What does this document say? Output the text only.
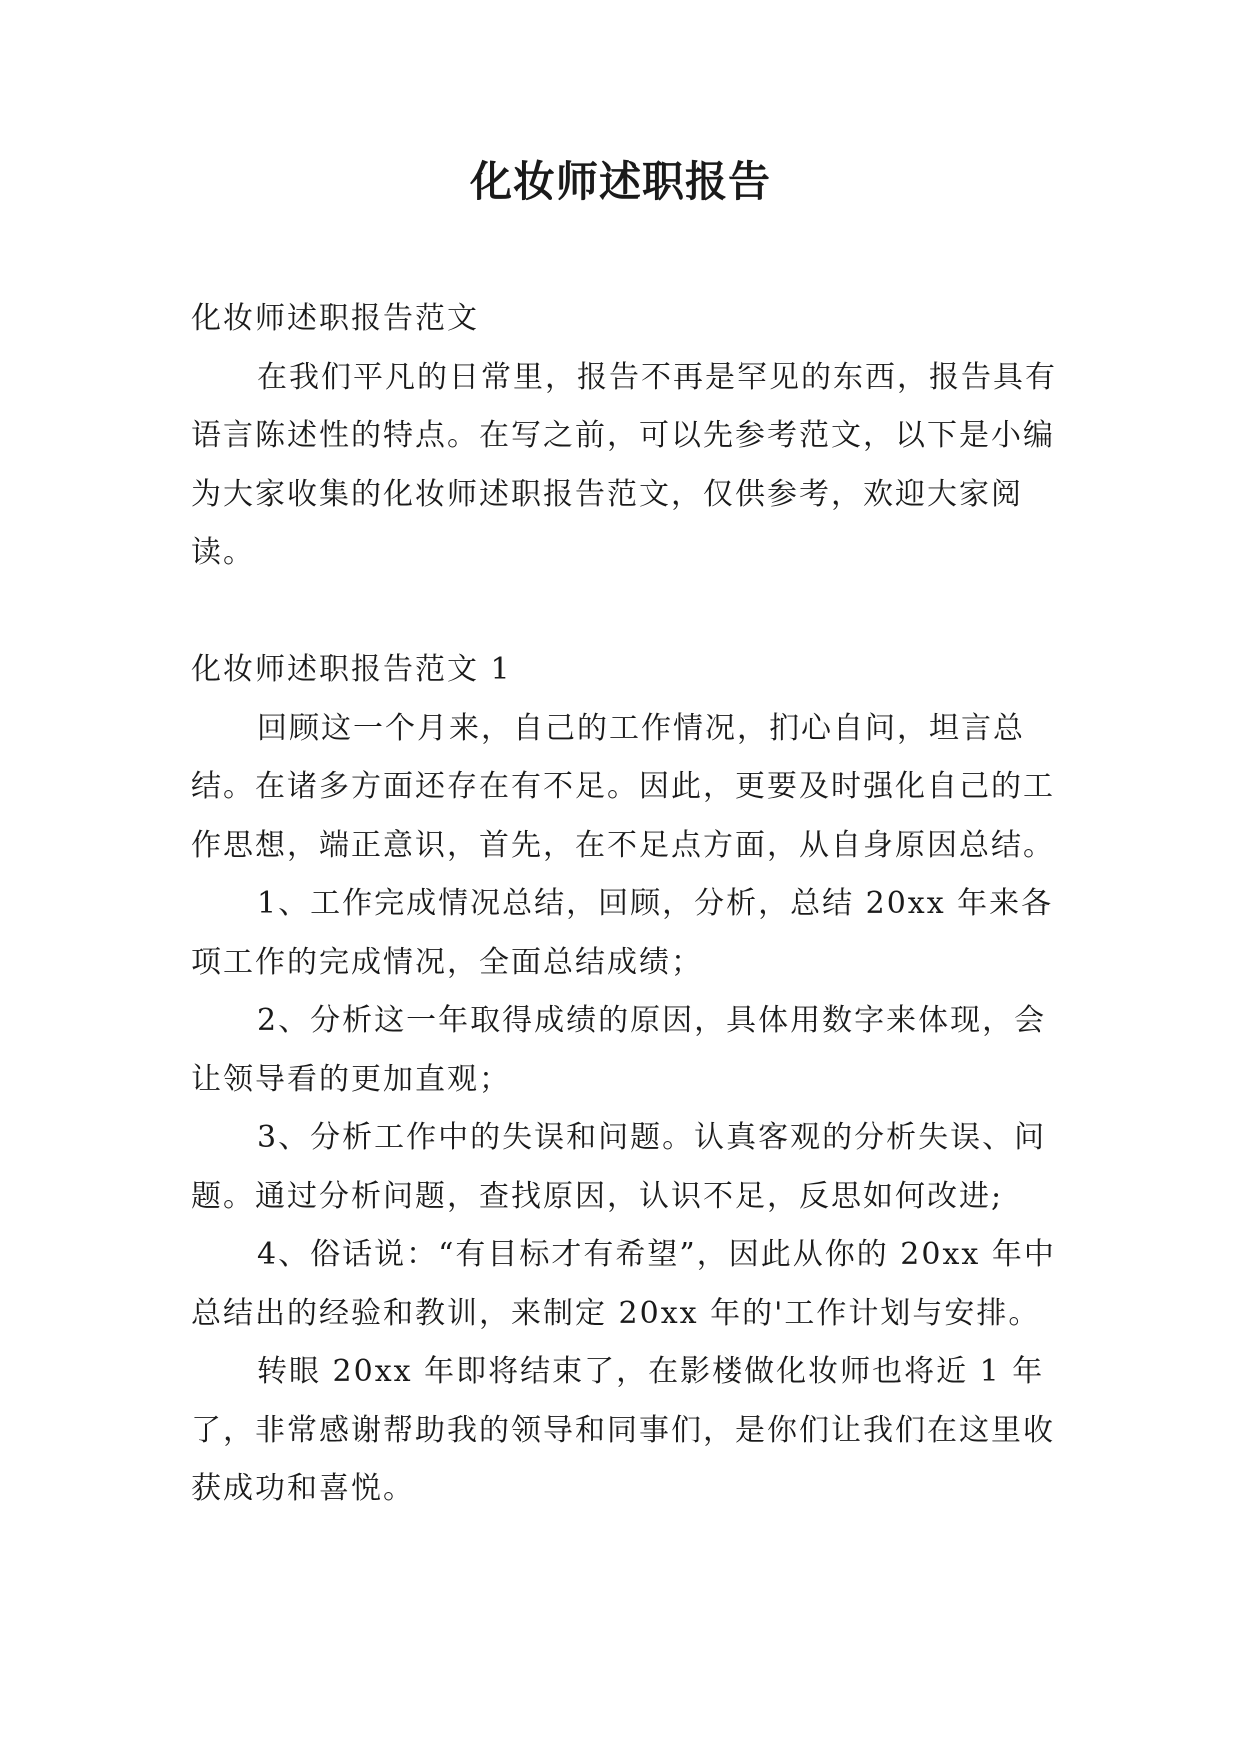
化妆师述职报告

化妆师述职报告范文

在我们平凡的日常里，报告不再是罕见的东西，报告具有语言陈述性的特点。在写之前，可以先参考范文，以下是小编为大家收集的化妆师述职报告范文，仅供参考，欢迎大家阅读。

化妆师述职报告范文 1

回顾这一个月来，自己的工作情况，扪心自问，坦言总结。在诸多方面还存在有不足。因此，更要及时强化自己的工作思想，端正意识，首先，在不足点方面，从自身原因总结。

1、工作完成情况总结，回顾，分析，总结 20xx 年来各项工作的完成情况，全面总结成绩；

2、分析这一年取得成绩的原因，具体用数字来体现，会让领导看的更加直观；

3、分析工作中的失误和问题。认真客观的分析失误、问题。通过分析问题，查找原因，认识不足，反思如何改进;

4、俗话说：“有目标才有希望”，因此从你的 20xx 年中总结出的经验和教训，来制定 20xx 年的'工作计划与安排。

转眼 20xx 年即将结束了，在影楼做化妆师也将近 1 年了，非常感谢帮助我的领导和同事们，是你们让我们在这里收获成功和喜悦。
